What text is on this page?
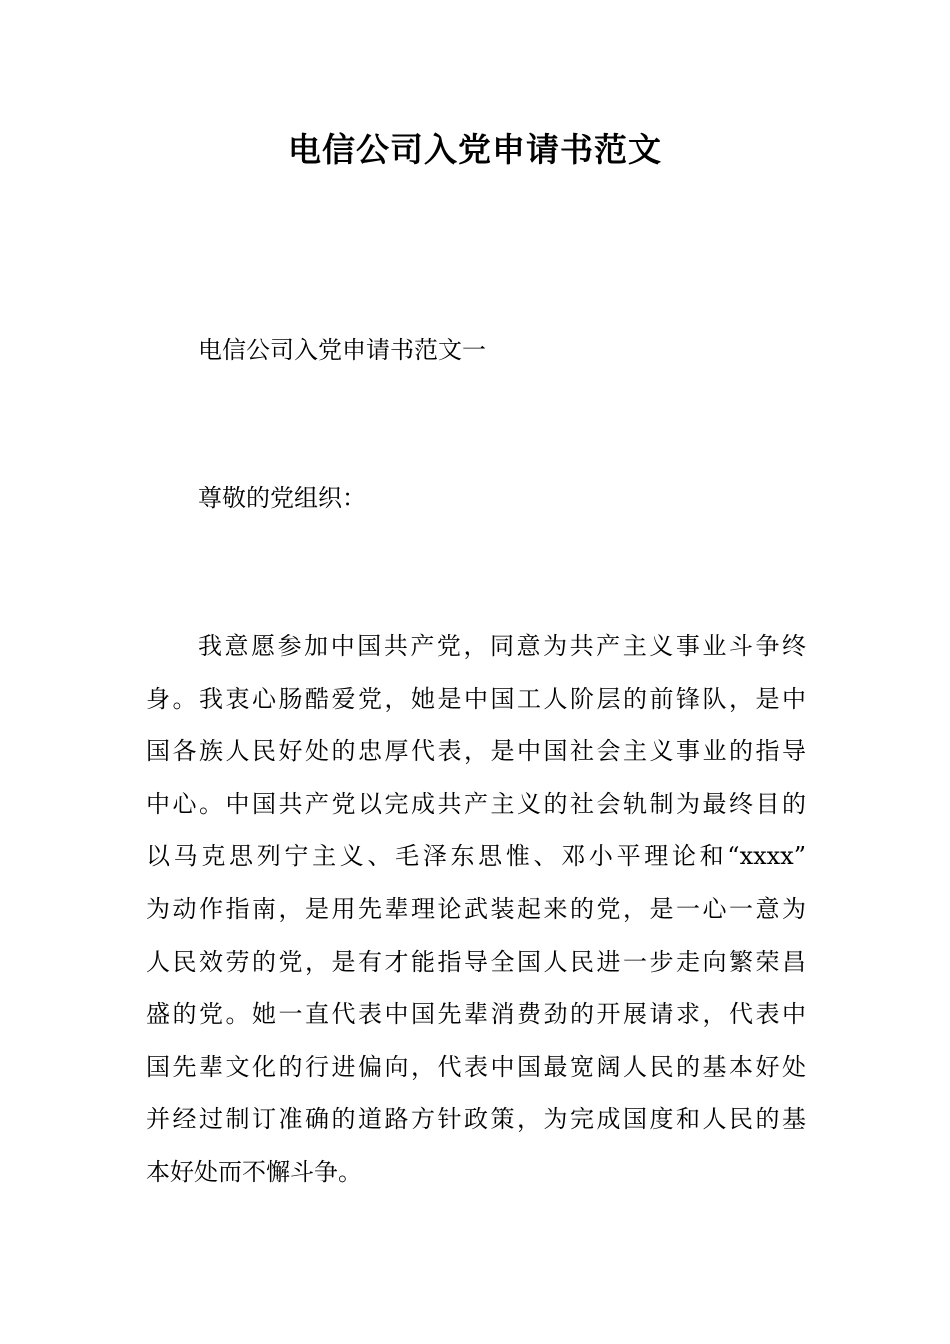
电信公司入党申请书范文

电信公司入党申请书范文一

尊敬的党组织：

我意愿参加中国共产党，同意为共产主义事业斗争终
身。我衷心肠酷爱党，她是中国工人阶层的前锋队，是中
国各族人民好处的忠厚代表，是中国社会主义事业的指导
中心。中国共产党以完成共产主义的社会轨制为最终目的
以马克思列宁主义、毛泽东思惟、邓小平理论和“xxxx”
为动作指南，是用先辈理论武装起来的党，是一心一意为
人民效劳的党，是有才能指导全国人民进一步走向繁荣昌
盛的党。她一直代表中国先辈消费劲的开展请求，代表中
国先辈文化的行进偏向，代表中国最宽阔人民的基本好处
并经过制订准确的道路方针政策，为完成国度和人民的基
本好处而不懈斗争。
